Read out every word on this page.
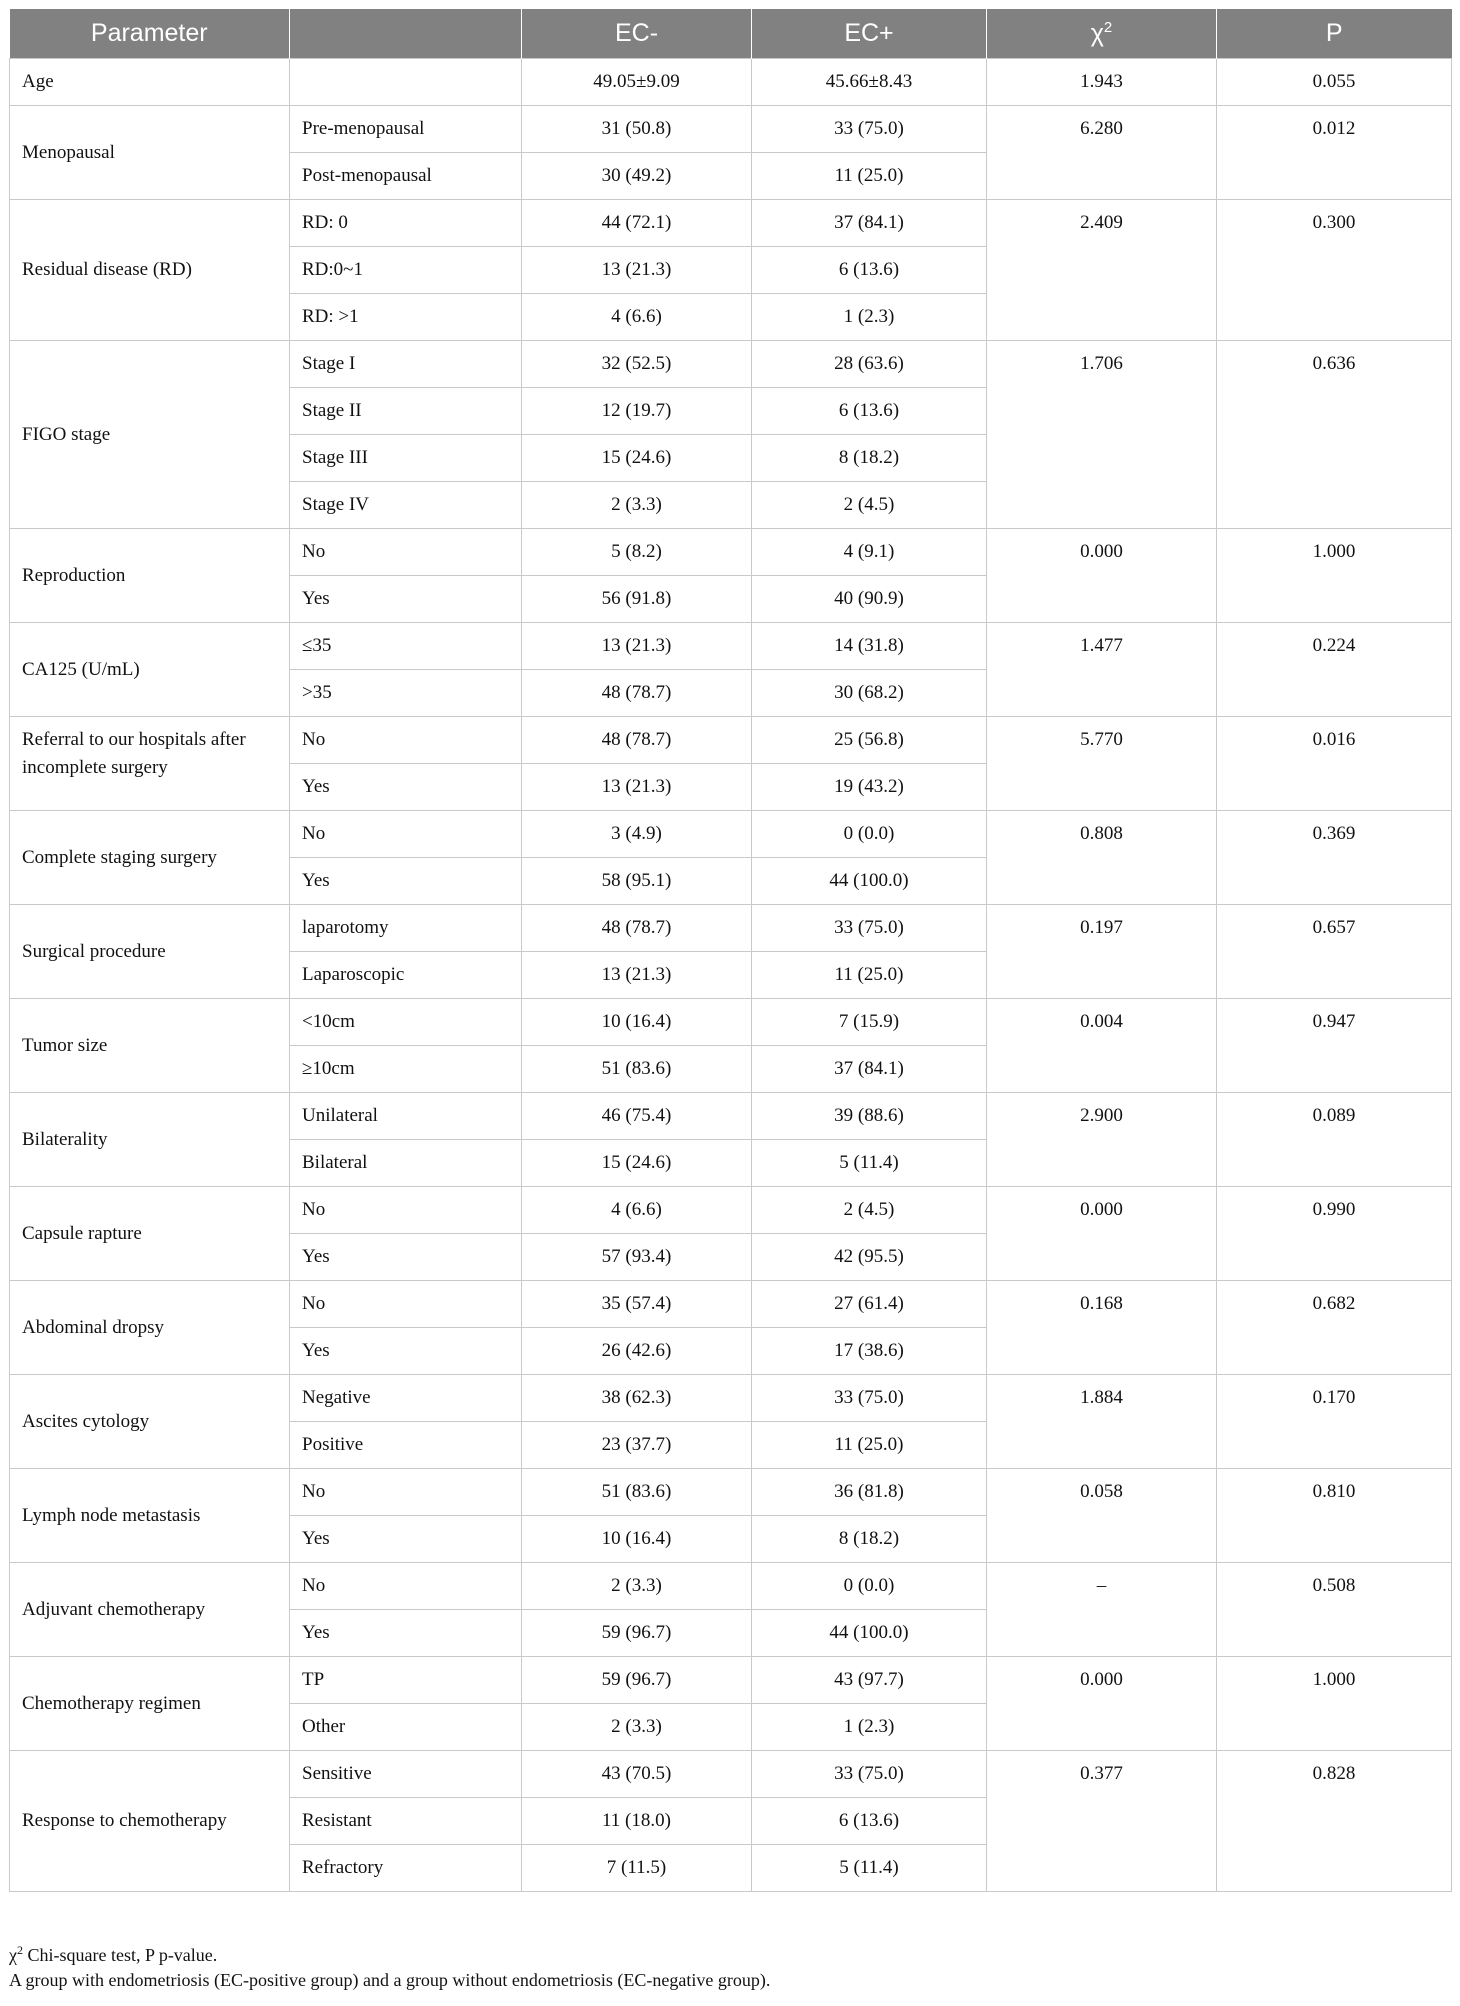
Parameter		EC-	EC+	$\chi^2$	P
Age		49.05±9.09	45.66±8.43	1.943	0.055
Menopausal	Pre-menopausal	31 (50.8)	33 (75.0)	6.280	0.012
	Post-menopausal	30 (49.2)	11 (25.0)		
Residual disease (RD)	RD: 0	44 (72.1)	37 (84.1)	2.409	0.300
	RD:0~1	13 (21.3)	6 (13.6)		
	RD: >1	4 (6.6)	1 (2.3)		
FIGO stage	Stage I	32 (52.5)	28 (63.6)	1.706	0.636
	Stage II	12 (19.7)	6 (13.6)		
	Stage III	15 (24.6)	8 (18.2)		
	Stage IV	2 (3.3)	2 (4.5)		
Reproduction	No	5 (8.2)	4 (9.1)	0.000	1.000
	Yes	56 (91.8)	40 (90.9)		
CA125 (U/mL)	≤35	13 (21.3)	14 (31.8)	1.477	0.224
	>35	48 (78.7)	30 (68.2)		
Referral to our hospitals after incomplete surgery	No	48 (78.7)	25 (56.8)	5.770	0.016
	Yes	13 (21.3)	19 (43.2)		
Complete staging surgery	No	3 (4.9)	0 (0.0)	0.808	0.369
	Yes	58 (95.1)	44 (100.0)		
Surgical procedure	laparotomy	48 (78.7)	33 (75.0)	0.197	0.657
	Laparoscopic	13 (21.3)	11 (25.0)		
Tumor size	<10cm	10 (16.4)	7 (15.9)	0.004	0.947
	≥10cm	51 (83.6)	37 (84.1)		
Bilaterality	Unilateral	46 (75.4)	39 (88.6)	2.900	0.089
	Bilateral	15 (24.6)	5 (11.4)		
Capsule rapture	No	4 (6.6)	2 (4.5)	0.000	0.990
	Yes	57 (93.4)	42 (95.5)		
Abdominal dropsy	No	35 (57.4)	27 (61.4)	0.168	0.682
	Yes	26 (42.6)	17 (38.6)		
Ascites cytology	Negative	38 (62.3)	33 (75.0)	1.884	0.170
	Positive	23 (37.7)	11 (25.0)		
Lymph node metastasis	No	51 (83.6)	36 (81.8)	0.058	0.810
	Yes	10 (16.4)	8 (18.2)		
Adjuvant chemotherapy	No	2 (3.3)	0 (0.0)	–	0.508
	Yes	59 (96.7)	44 (100.0)		
Chemotherapy regimen	TP	59 (96.7)	43 (97.7)	0.000	1.000
	Other	2 (3.3)	1 (2.3)		
Response to chemotherapy	Sensitive	43 (70.5)	33 (75.0)	0.377	0.828
	Resistant	11 (18.0)	6 (13.6)		
	Refractory	7 (11.5)	5 (11.4)		
$\chi^2$ Chi-square test, P p-value.
A group with endometriosis (EC-positive group) and a group without endometriosis (EC-negative group).
